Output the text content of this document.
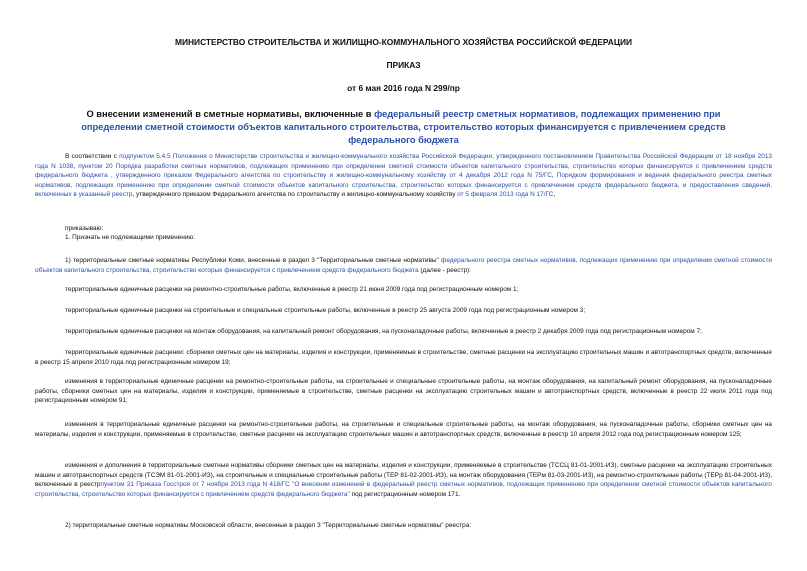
МИНИСТЕРСТВО СТРОИТЕЛЬСТВА И ЖИЛИЩНО-КОММУНАЛЬНОГО ХОЗЯЙСТВА РОССИЙСКОЙ ФЕДЕРАЦИИ
ПРИКАЗ
от 6 мая 2016 года N 299/пр
О внесении изменений в сметные нормативы, включенные в федеральный реестр сметных нормативов, подлежащих применению при определении сметной стоимости объектов капитального строительства, строительство которых финансируется с привлечением средств федерального бюджета
В соответствии с подпунктом 5.4.5 Положения о Министерстве строительства и жилищно-коммунального хозяйства Российской Федерации, утвержденного постановлением Правительства Российской Федерации от 18 ноября 2013 года N 1038, пунктом 20 Порядка разработки сметных нормативов, подлежащих применению при определении сметной стоимости объектов капитального строительства, строительство которых финансируется с привлечением средств федерального бюджета , утвержденного приказом Федерального агентства по строительству и жилищно-коммунальному хозяйству от 4 декабря 2012 года N 75/ГС, Порядком формирования и ведения федерального реестра сметных нормативов, подлежащих применению при определении сметной стоимости объектов капитального строительства, строительство которых финансируется с привлечением средств федерального бюджета, и предоставления сведений, включенных в указанный реестр, утвержденного приказом Федерального агентства по строительству и жилищно-коммунальному хозяйству от 5 февраля 2013 года N 17/ГС,
приказываю:
1. Признать не подлежащими применению:
1) территориальные сметные нормативы Республики Коми, внесенные в раздел 3 "Территориальные сметные нормативы" федерального реестра сметных нормативов, подлежащих применению при определении сметной стоимости объектов капитального строительства, строительство которых финансируется с привлечением средств федерального бюджета (далее - реестр):
территориальные единичные расценки на ремонтно-строительные работы, включенные в реестр 21 июня 2009 года под регистрационным номером 1;
территориальные единичные расценки на строительные и специальные строительные работы, включенные в реестр 25 августа 2009 года под регистрационным номером 3;
территориальные единичные расценки на монтаж оборудования, на капитальный ремонт оборудования, на пусконаладочные работы, включенные в реестр 2 декабря 2009 года под регистрационным номером 7;
территориальные единичные расценки: сборники сметных цен на материалы, изделия и конструкции, применяемые в строительстве, сметные расценки на эксплуатацию строительных машин и автотранспортных средств, включенные в реестр 15 апреля 2010 года под регистрационным номером 19;
изменения в территориальные единичные расценки на ремонтно-строительные работы, на строительные и специальные строительные работы, на монтаж оборудования, на капитальный ремонт оборудования, на пусконаладочные работы, сборники сметных цен на материалы, изделия и конструкции, применяемые в строительстве, сметные расценки на эксплуатацию строительных машин и автотранспортных средств, включенные в реестр 22 июля 2011 года под регистрационным номером 91;
изменения в территориальные единичные расценки на ремонтно-строительные работы, на строительные и специальные строительные работы, на монтаж оборудования, на пусконаладочные работы, сборники сметных цен на материалы, изделия и конструкции, применяемые в строительстве, сметные расценки на эксплуатацию строительных машин и автотранспортных средств, включенные в реестр 10 апреля 2012 года под регистрационным номером 125;
изменения и дополнения в территориальные сметные нормативы сборники сметных цен на материалы, изделия и конструкции, применяемые в строительстве (ТССЦ 81-01-2001-ИЗ), сметные расценки на эксплуатацию строительных машин и автотранспортных средств (ТСЭМ 81-01-2001-ИЗ), на строительные и специальные строительные работы (ТЕР 81-02-2001-ИЗ), на монтаж оборудования (ТЕРм 81-03-2001-ИЗ), на ремонтно-строительные работы (ТЕРр 81-04-2001-ИЗ), включенные в реестрпунктом 21 Приказа Госстроя от 7 ноября 2013 года N 418/ГС "О внесении изменений в федеральный реестр сметных нормативов, подлежащих применению при определении сметной стоимости объектов капитального строительства, строительство которых финансируется с привлечением средств федерального бюджета" под регистрационным номером 171.
2) территориальные сметные нормативы Московской области, внесенные в раздел 3 "Территориальные сметные нормативы" реестра:
